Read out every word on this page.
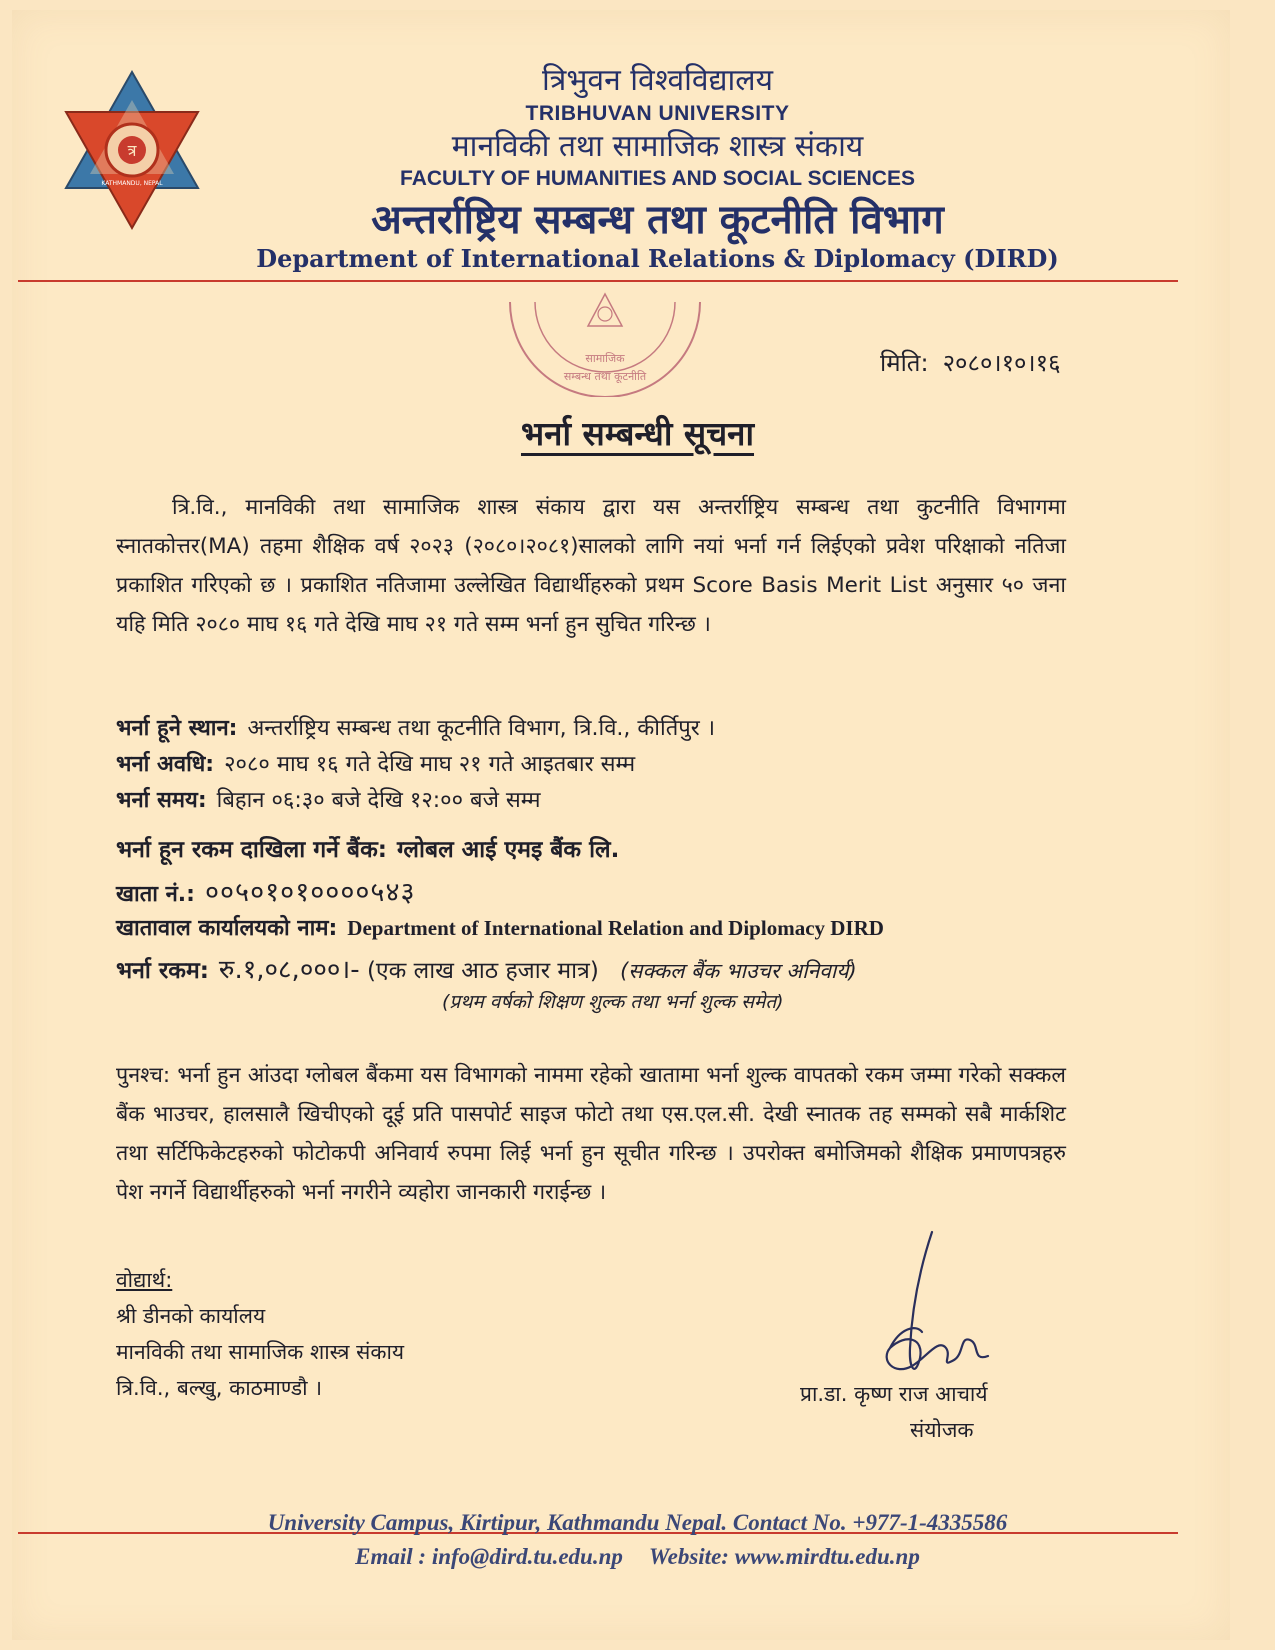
त्र
KATHMANDU, NEPAL
त्रिभुवन विश्वविद्यालय
TRIBHUVAN UNIVERSITY
मानविकी तथा सामाजिक शास्त्र संकाय
FACULTY OF HUMANITIES AND SOCIAL SCIENCES
अन्तर्राष्ट्रिय सम्बन्ध तथा कूटनीति विभाग
Department of International Relations & Diplomacy (DIRD)
सामाजिक
सम्बन्ध तथा कूटनीति	मिति: २०८०।१०।१६
भर्ना सम्बन्धी सूचना
त्रि.वि., मानविकी तथा सामाजिक शास्त्र संकाय द्वारा यस अन्तर्राष्ट्रिय सम्बन्ध तथा कुटनीति विभागमा स्नातकोत्तर(MA) तहमा शैक्षिक वर्ष २०२३ (२०८०।२०८१)सालको लागि नयां भर्ना गर्न लिईएको प्रवेश परिक्षाको नतिजा प्रकाशित गरिएको छ । प्रकाशित नतिजामा उल्लेखित विद्यार्थीहरुको प्रथम Score Basis Merit List अनुसार ५० जना यहि मिति २०८० माघ १६ गते देखि माघ २१ गते सम्म भर्ना हुन सुचित गरिन्छ ।
भर्ना हूने स्थान: अन्तर्राष्ट्रिय सम्बन्ध तथा कूटनीति विभाग, त्रि.वि., कीर्तिपुर ।
भर्ना अवधि: २०८० माघ १६ गते देखि माघ २१ गते आइतबार सम्म
भर्ना समय: बिहान ०६:३० बजे देखि १२:०० बजे सम्म
भर्ना हून रकम दाखिला गर्ने बैंक: ग्लोबल आई एमइ बैंक लि.
खाता नं.: ००५०१०१००००५४३
खातावाल कार्यालयको नाम: Department of International Relation and Diplomacy DIRD
भर्ना रकम: रु.१,०८,०००।- (एक लाख आठ हजार मात्र) (सक्कल बैंक भाउचर अनिवार्य)
(प्रथम वर्षको शिक्षण शुल्क तथा भर्ना शुल्क समेत)
पुनश्च: भर्ना हुन आंउदा ग्लोबल बैंकमा यस विभागको नाममा रहेको खातामा भर्ना शुल्क वापतको रकम जम्मा गरेको सक्कल बैंक भाउचर, हालसालै खिचीएको दूई प्रति पासपोर्ट साइज फोटो तथा एस.एल.सी. देखी स्नातक तह सम्मको सबै मार्कशिट तथा सर्टिफिकेटहरुको फोटोकपी अनिवार्य रुपमा लिई भर्ना हुन सूचीत गरिन्छ । उपरोक्त बमोजिमको शैक्षिक प्रमाणपत्रहरु पेश नगर्ने विद्यार्थीहरुको भर्ना नगरीने व्यहोरा जानकारी गराईन्छ ।
वोद्यार्थ:
श्री डीनको कार्यालय
मानविकी तथा सामाजिक शास्त्र संकाय
त्रि.वि., बल्खु, काठमाण्डौ ।	प्रा.डा. कृष्ण राज आचार्य
संयोजक
University Campus, Kirtipur, Kathmandu Nepal. Contact No. +977-1-4335586
Email : info@dird.tu.edu.np Website: www.mirdtu.edu.np
